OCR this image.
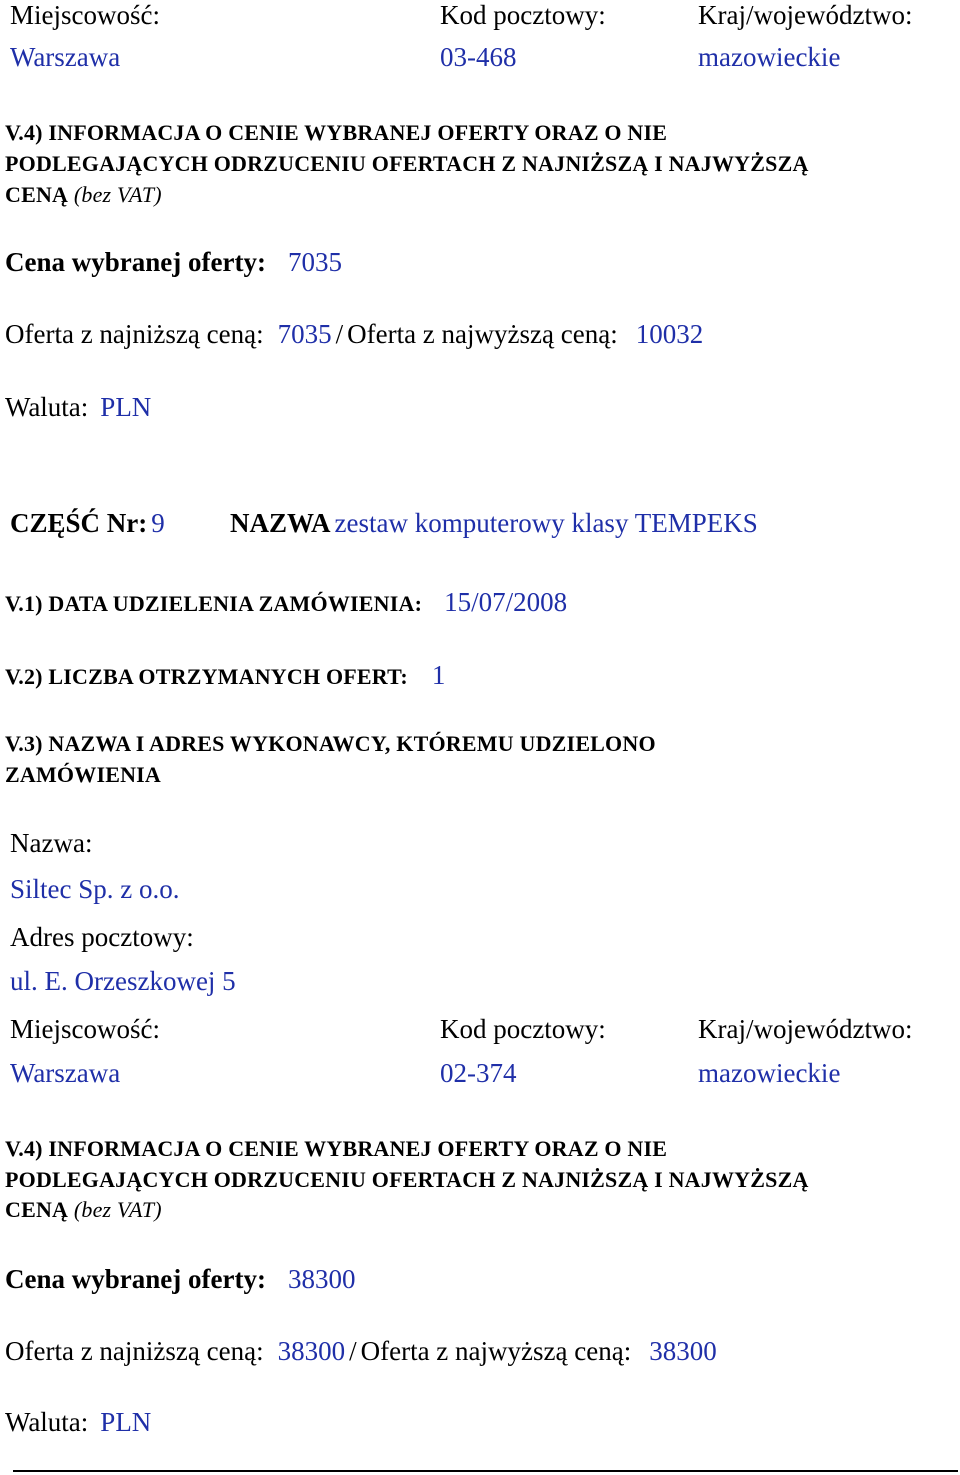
Miejscowość:	Kod pocztowy:	Kraj/województwo:
Warszawa	03-468	mazowieckie
V.4) INFORMACJA O CENIE WYBRANEJ OFERTY ORAZ O NIE
PODLEGAJĄCYCH ODRZUCENIU OFERTACH Z NAJNIŻSZĄ I NAJWYŻSZĄ
CENĄ (bez VAT)
Cena wybranej oferty: 7035
Oferta z najniższą ceną: 7035 / Oferta z najwyższą ceną: 10032
Waluta: PLN
CZĘŚĆ Nr: 9 NAZWA zestaw komputerowy klasy TEMPEKS
V.1) DATA UDZIELENIA ZAMÓWIENIA: 15/07/2008
V.2) LICZBA OTRZYMANYCH OFERT: 1
V.3) NAZWA I ADRES WYKONAWCY, KTÓREMU UDZIELONO
ZAMÓWIENIA
Nazwa:
Siltec Sp. z o.o.
Adres pocztowy:
ul. E. Orzeszkowej 5
Miejscowość:	Kod pocztowy:	Kraj/województwo:
Warszawa	02-374	mazowieckie
V.4) INFORMACJA O CENIE WYBRANEJ OFERTY ORAZ O NIE
PODLEGAJĄCYCH ODRZUCENIU OFERTACH Z NAJNIŻSZĄ I NAJWYŻSZĄ
CENĄ (bez VAT)
Cena wybranej oferty: 38300
Oferta z najniższą ceną: 38300 / Oferta z najwyższą ceną: 38300
Waluta: PLN
